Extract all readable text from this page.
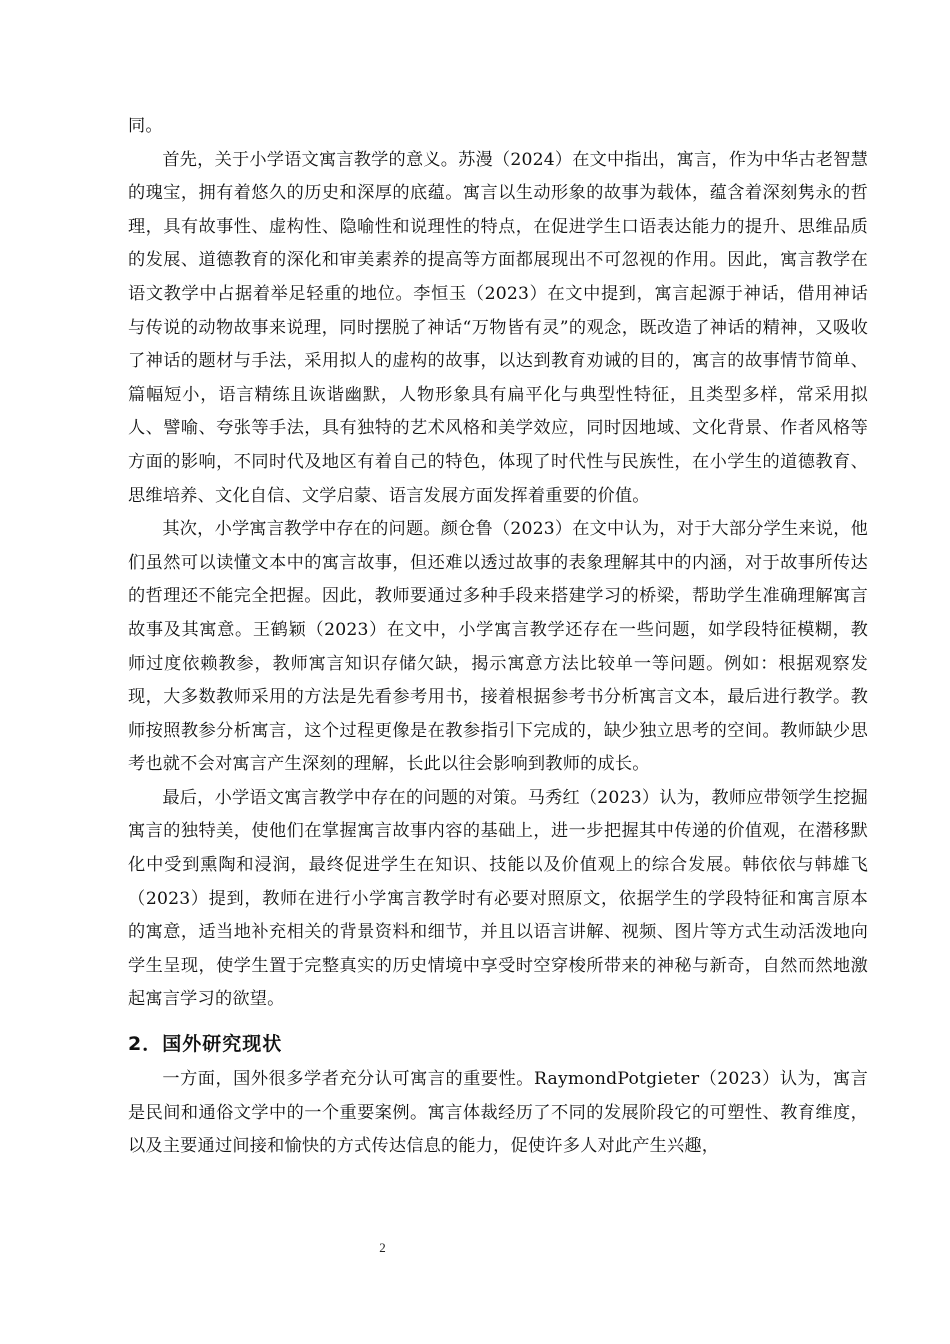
同。

首先，关于小学语文寓言教学的意义。苏漫（2024）在文中指出，寓言，作为中华古老智慧的瑰宝，拥有着悠久的历史和深厚的底蕴。寓言以生动形象的故事为载体，蕴含着深刻隽永的哲理，具有故事性、虚构性、隐喻性和说理性的特点，在促进学生口语表达能力的提升、思维品质的发展、道德教育的深化和审美素养的提高等方面都展现出不可忽视的作用。因此，寓言教学在语文教学中占据着举足轻重的地位。李恒玉（2023）在文中提到，寓言起源于神话，借用神话与传说的动物故事来说理，同时摆脱了神话“万物皆有灵”的观念，既改造了神话的精神，又吸收了神话的题材与手法，采用拟人的虚构的故事，以达到教育劝诫的目的，寓言的故事情节简单、篇幅短小，语言精练且诙谐幽默，人物形象具有扁平化与典型性特征，且类型多样，常采用拟人、譬喻、夸张等手法，具有独特的艺术风格和美学效应，同时因地域、文化背景、作者风格等方面的影响，不同时代及地区有着自己的特色，体现了时代性与民族性，在小学生的道德教育、思维培养、文化自信、文学启蒙、语言发展方面发挥着重要的价值。

其次，小学寓言教学中存在的问题。颜仓鲁（2023）在文中认为，对于大部分学生来说，他们虽然可以读懂文本中的寓言故事，但还难以透过故事的表象理解其中的内涵，对于故事所传达的哲理还不能完全把握。因此，教师要通过多种手段来搭建学习的桥梁，帮助学生准确理解寓言故事及其寓意。王鹤颖（2023）在文中，小学寓言教学还存在一些问题，如学段特征模糊，教师过度依赖教参，教师寓言知识存储欠缺，揭示寓意方法比较单一等问题。例如：根据观察发现，大多数教师采用的方法是先看参考用书，接着根据参考书分析寓言文本，最后进行教学。教师按照教参分析寓言，这个过程更像是在教参指引下完成的，缺少独立思考的空间。教师缺少思考也就不会对寓言产生深刻的理解，长此以往会影响到教师的成长。

最后，小学语文寓言教学中存在的问题的对策。马秀红（2023）认为，教师应带领学生挖掘寓言的独特美，使他们在掌握寓言故事内容的基础上，进一步把握其中传递的价值观，在潜移默化中受到熏陶和浸润，最终促进学生在知识、技能以及价值观上的综合发展。韩依依与韩雄飞（2023）提到，教师在进行小学寓言教学时有必要对照原文，依据学生的学段特征和寓言原本的寓意，适当地补充相关的背景资料和细节，并且以语言讲解、视频、图片等方式生动活泼地向学生呈现，使学生置于完整真实的历史情境中享受时空穿梭所带来的神秘与新奇，自然而然地激起寓言学习的欲望。

2．国外研究现状

一方面，国外很多学者充分认可寓言的重要性。RaymondPotgieter（2023）认为，寓言是民间和通俗文学中的一个重要案例。寓言体裁经历了不同的发展阶段它的可塑性、教育维度，以及主要通过间接和愉快的方式传达信息的能力，促使许多人对此产生兴趣，

2
